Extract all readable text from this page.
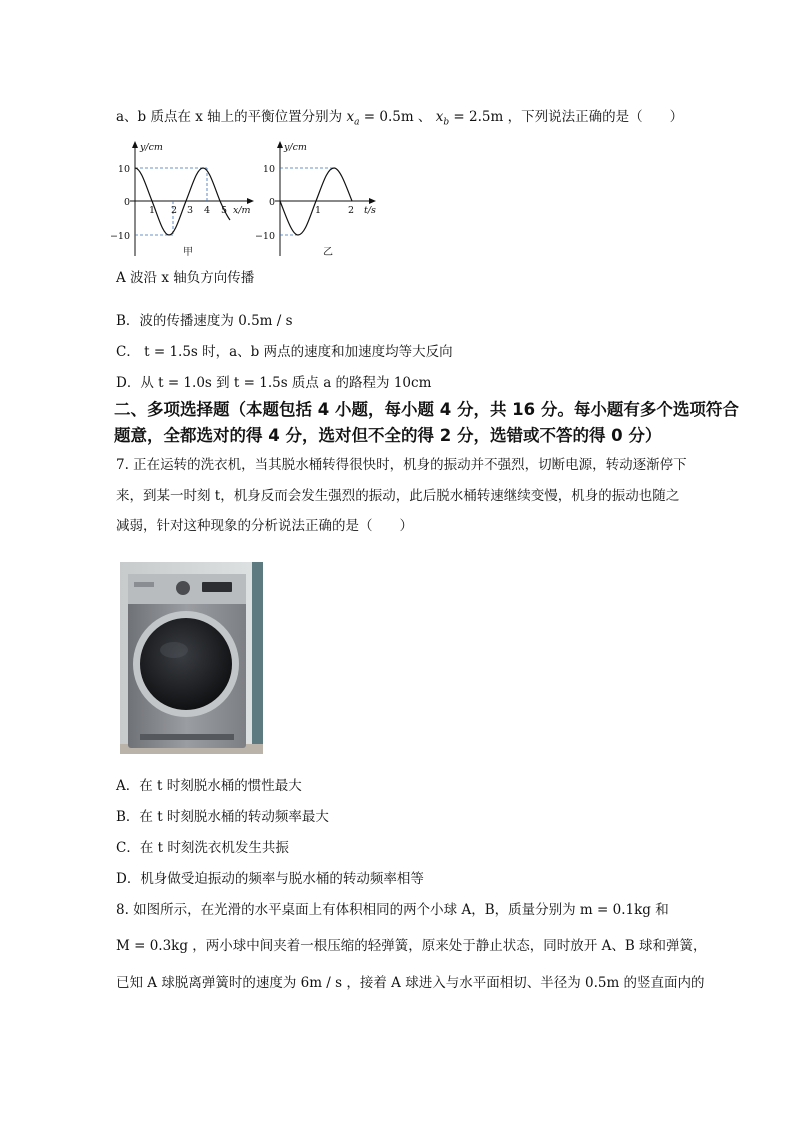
a、b 质点在 x 轴上的平衡位置分别为 $x_a = 0.5m$ 、 $x_b = 2.5m$ ，下列说法正确的是（　　）
y/cm
10
0
−10
1 2 3 4 5 x/m
甲
y/cm
10
0
−10
1	2 t/s
乙
A 波沿 x 轴负方向传播
B．波的传播速度为 0.5m / s
C． t = 1.5s 时，a、b 两点的速度和加速度均等大反向
D．从 t = 1.0s 到 t = 1.5s 质点 a 的路程为 10cm
二、多项选择题（本题包括 4 小题，每小题 4 分，共 16 分。每小题有多个选项符合
题意，全都选对的得 4 分，选对但不全的得 2 分，选错或不答的得 0 分）
7. 正在运转的洗衣机，当其脱水桶转得很快时，机身的振动并不强烈，切断电源，转动逐渐停下
来，到某一时刻 t，机身反而会发生强烈的振动，此后脱水桶转速继续变慢，机身的振动也随之
减弱，针对这种现象的分析说法正确的是（　　）
A．在 t 时刻脱水桶的惯性最大
B．在 t 时刻脱水桶的转动频率最大
C．在 t 时刻洗衣机发生共振
D．机身做受迫振动的频率与脱水桶的转动频率相等
8. 如图所示，在光滑的水平桌面上有体积相同的两个小球 A，B，质量分别为 m = 0.1kg 和
M = 0.3kg ，两小球中间夹着一根压缩的轻弹簧，原来处于静止状态，同时放开 A、B 球和弹簧，
已知 A 球脱离弹簧时的速度为 6m / s ，接着 A 球进入与水平面相切、半径为 0.5m 的竖直面内的
